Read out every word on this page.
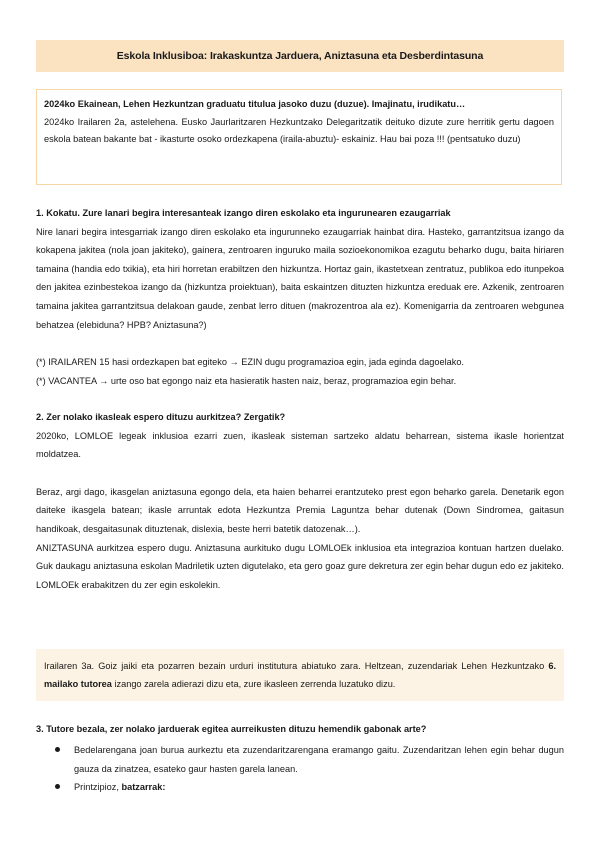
Eskola Inklusiboa: Irakaskuntza Jarduera, Aniztasuna eta Desberdintasuna

2024ko Ekainean, Lehen Hezkuntzan graduatu titulua jasoko duzu (duzue). Imajinatu, irudikatu…

2024ko Irailaren 2a, astelehena. Eusko Jaurlaritzaren Hezkuntzako Delegaritzatik deituko dizute zure herritik gertu dagoen eskola batean bakante bat - ikasturte osoko ordezkapena (iraila-abuztu)- eskainiz. Hau bai poza !!! (pentsatuko duzu)

1. Kokatu. Zure lanari begira interesanteak izango diren eskolako eta ingurunearen ezaugarriak

Nire lanari begira intesgarriak izango diren eskolako eta ingurunneko ezaugarriak hainbat dira. Hasteko, garrantzitsua izango da kokapena jakitea (nola joan jakiteko), gainera, zentroaren inguruko maila sozioekonomikoa ezagutu beharko dugu, baita hiriaren tamaina (handia edo txikia), eta hiri horretan erabiltzen den hizkuntza. Hortaz gain, ikastetxean zentratuz, publikoa edo itunpekoa den jakitea ezinbestekoa izango da (hizkuntza proiektuan), baita eskaintzen dituzten hizkuntza ereduak ere. Azkenik, zentroaren tamaina jakitea garrantzitsua delakoan gaude, zenbat lerro dituen (makrozentroa ala ez). Komenigarria da zentroaren webgunea behatzea (elebiduna? HPB? Aniztasuna?)

(*) IRAILAREN 15 hasi ordezkapen bat egiteko → EZIN dugu programazioa egin, jada eginda dagoelako.

(*) VACANTEA → urte oso bat egongo naiz eta hasieratik hasten naiz, beraz, programazioa egin behar.

2. Zer nolako ikasleak espero dituzu aurkitzea? Zergatik?

2020ko, LOMLOE legeak inklusioa ezarri zuen, ikasleak sisteman sartzeko aldatu beharrean, sistema ikasle horientzat moldatzea.

Beraz, argi dago, ikasgelan aniztasuna egongo dela, eta haien beharrei erantzuteko prest egon beharko garela. Denetarik egon daiteke ikasgela batean; ikasle arruntak edota Hezkuntza Premia Laguntza behar dutenak (Down Sindromea, gaitasun handikoak, desgaitasunak dituztenak, dislexia, beste herri batetik datozenak…).

ANIZTASUNA aurkitzea espero dugu. Aniztasuna aurkituko dugu LOMLOEk inklusioa eta integrazioa kontuan hartzen duelako. Guk daukagu aniztasuna eskolan Madriletik uzten digutelako, eta gero goaz gure dekretura zer egin behar dugun edo ez jakiteko. LOMLOEk erabakitzen du zer egin eskolekin.

Irailaren 3a. Goiz jaiki eta pozarren bezain urduri institutura abiatuko zara. Heltzean, zuzendariak Lehen Hezkuntzako 6. mailako tutorea izango zarela adierazi dizu eta, zure ikasleen zerrenda luzatuko dizu.

3. Tutore bezala, zer nolako jarduerak egitea aurreikusten dituzu hemendik gabonak arte?

Bedelarengana joan burua aurkeztu eta zuzendaritzarengana eramango gaitu. Zuzendaritzan lehen egin behar dugun gauza da zinatzea, esateko gaur hasten garela lanean.

Printzipioz, batzarrak:
